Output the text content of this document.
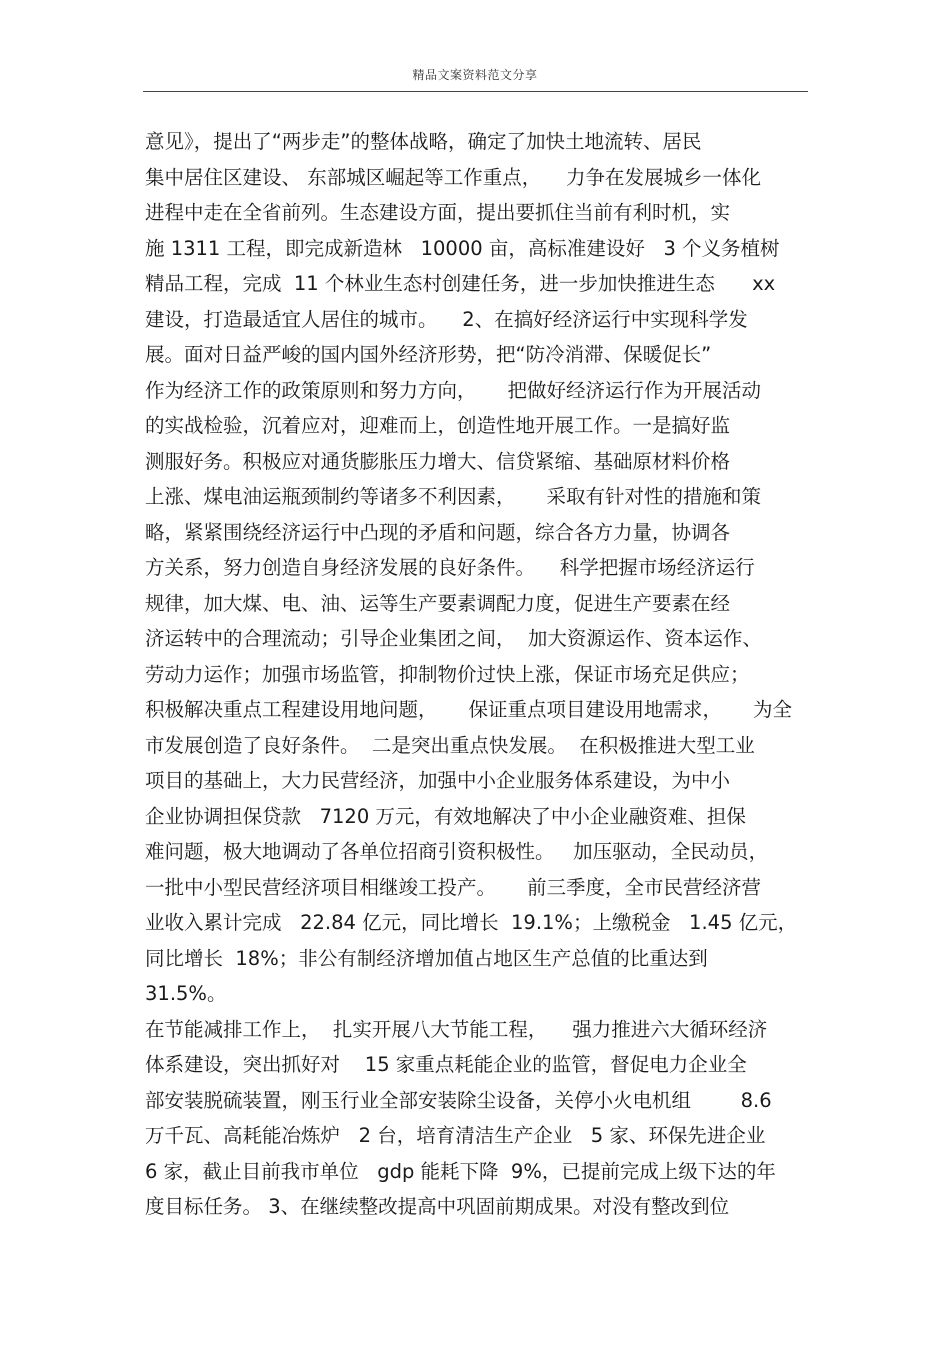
精品文案资料范文分享
意见》，提出了“两步走”的整体战略，确定了加快土地流转、居民
集中居住区建设、 东部城区崛起等工作重点，    力争在发展城乡一体化
进程中走在全省前列。生态建设方面，提出要抓住当前有利时机，实
施 1311 工程，即完成新造林   10000 亩，高标准建设好   3 个义务植树
精品工程，完成  11 个林业生态村创建任务，进一步加快推进生态      xx
建设，打造最适宜人居住的城市。    2、在搞好经济运行中实现科学发
展。面对日益严峻的国内国外经济形势，把“防冷消滞、保暖促长”
作为经济工作的政策原则和努力方向，     把做好经济运行作为开展活动
的实战检验，沉着应对，迎难而上，创造性地开展工作。一是搞好监
测服好务。积极应对通货膨胀压力增大、信贷紧缩、基础原材料价格
上涨、煤电油运瓶颈制约等诸多不利因素，     采取有针对性的措施和策
略，紧紧围绕经济运行中凸现的矛盾和问题，综合各方力量，协调各
方关系，努力创造自身经济发展的良好条件。    科学把握市场经济运行
规律，加大煤、电、油、运等生产要素调配力度，促进生产要素在经
济运转中的合理流动；引导企业集团之间，  加大资源运作、资本运作、
劳动力运作；加强市场监管，抑制物价过快上涨，保证市场充足供应；
积极解决重点工程建设用地问题，     保证重点项目建设用地需求，     为全
市发展创造了良好条件。  二是突出重点快发展。  在积极推进大型工业
项目的基础上，大力民营经济，加强中小企业服务体系建设，为中小
企业协调担保贷款   7120 万元，有效地解决了中小企业融资难、担保
难问题，极大地调动了各单位招商引资积极性。   加压驱动，全民动员，
一批中小型民营经济项目相继竣工投产。     前三季度，全市民营经济营
业收入累计完成   22.84 亿元，同比增长  19.1%；上缴税金   1.45 亿元，
同比增长  18%；非公有制经济增加值占地区生产总值的比重达到
31.5%。
在节能减排工作上，  扎实开展八大节能工程，    强力推进六大循环经济
体系建设，突出抓好对    15 家重点耗能企业的监管，督促电力企业全
部安装脱硫装置，刚玉行业全部安装除尘设备，关停小火电机组        8.6
万千瓦、高耗能冶炼炉   2 台，培育清洁生产企业   5 家、环保先进企业
6 家，截止目前我市单位   gdp 能耗下降  9%，已提前完成上级下达的年
度目标任务。 3、在继续整改提高中巩固前期成果。对没有整改到位
